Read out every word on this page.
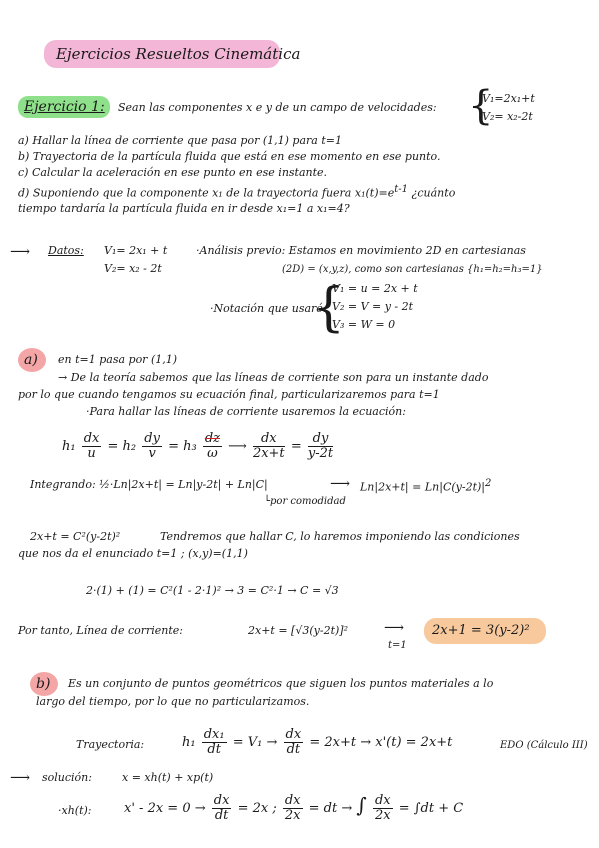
Ejercicios Resueltos Cinemática
Ejercicio 1: Sean las componentes x e y de un campo de velocidades: {
V₁=2x₁+t
V₂= x₂-2t
a) Hallar la línea de corriente que pasa por (1,1) para t=1
b) Trayectoria de la partícula fluida que está en ese momento en ese punto.
c) Calcular la aceleración en ese punto en ese instante.
d) Suponiendo que la componente x₁ de la trayectoria fuera $x_1(t)=e^{t-1}$ ¿cuánto
tiempo tardaría la partícula fluida en ir desde x₁=1 a x₁=4?
⟶ Datos: V₁= 2x₁ + t
V₂= x₂ - 2t
·Análisis previo: Estamos en movimiento 2D en cartesianas
(2D) = (x,y,z), como son cartesianas {h₁=h₂=h₃=1}
·Notación que usaré:
{
V₁ = u = 2x + t
V₂ = V = y - 2t
V₃ = W = 0
a) en t=1 pasa por (1,1)
→ De la teoría sabemos que las líneas de corriente son para un instante dado
por lo que cuando tengamos su ecuación final, particularizaremos para t=1
·Para hallar las líneas de corriente usaremos la ecuación:
$h_1 \frac{dx}{u} = h_2 \frac{dy}{v} = h_3 \frac{dz}{\omega}$ ⟶ $\frac{dx}{2x+t} = \frac{dy}{y-2t}$
Integrando: ½·Ln|2x+t| = Ln|y-2t| + Ln|C|	⟶ $Ln|2x+t| = Ln|C(y-2t)|^2$
└por comodidad
2x+t = C²(y-2t)²	Tendremos que hallar C, lo haremos imponiendo las condiciones
que nos da el enunciado t=1 ; (x,y)=(1,1)
2·(1) + (1) = C²(1 - 2·1)² → 3 = C²·1 → C = √3
Por tanto, Línea de corriente:	2x+t = [√3(y-2t)]²
t=1
⟶ 2x+1 = 3(y-2)²
b) Es un conjunto de puntos geométricos que siguen los puntos materiales a lo
largo del tiempo, por lo que no particularizamos.
Trayectoria:	$h_1 \frac{\text{dx₁}}{dt} = V_1 \to \frac{dx}{dt} = 2x+t \to x'(t) = 2x+t$	EDO (Cálculo III)
⟶ solución:	x = xh(t) + xp(t)
·xh(t):	$x' - 2x = 0 \to \frac{dx}{dt} = 2x$ ; $\frac{dx}{2x}$ = dt → ∫ $\frac{dx}{2x} = \int dt + C$
